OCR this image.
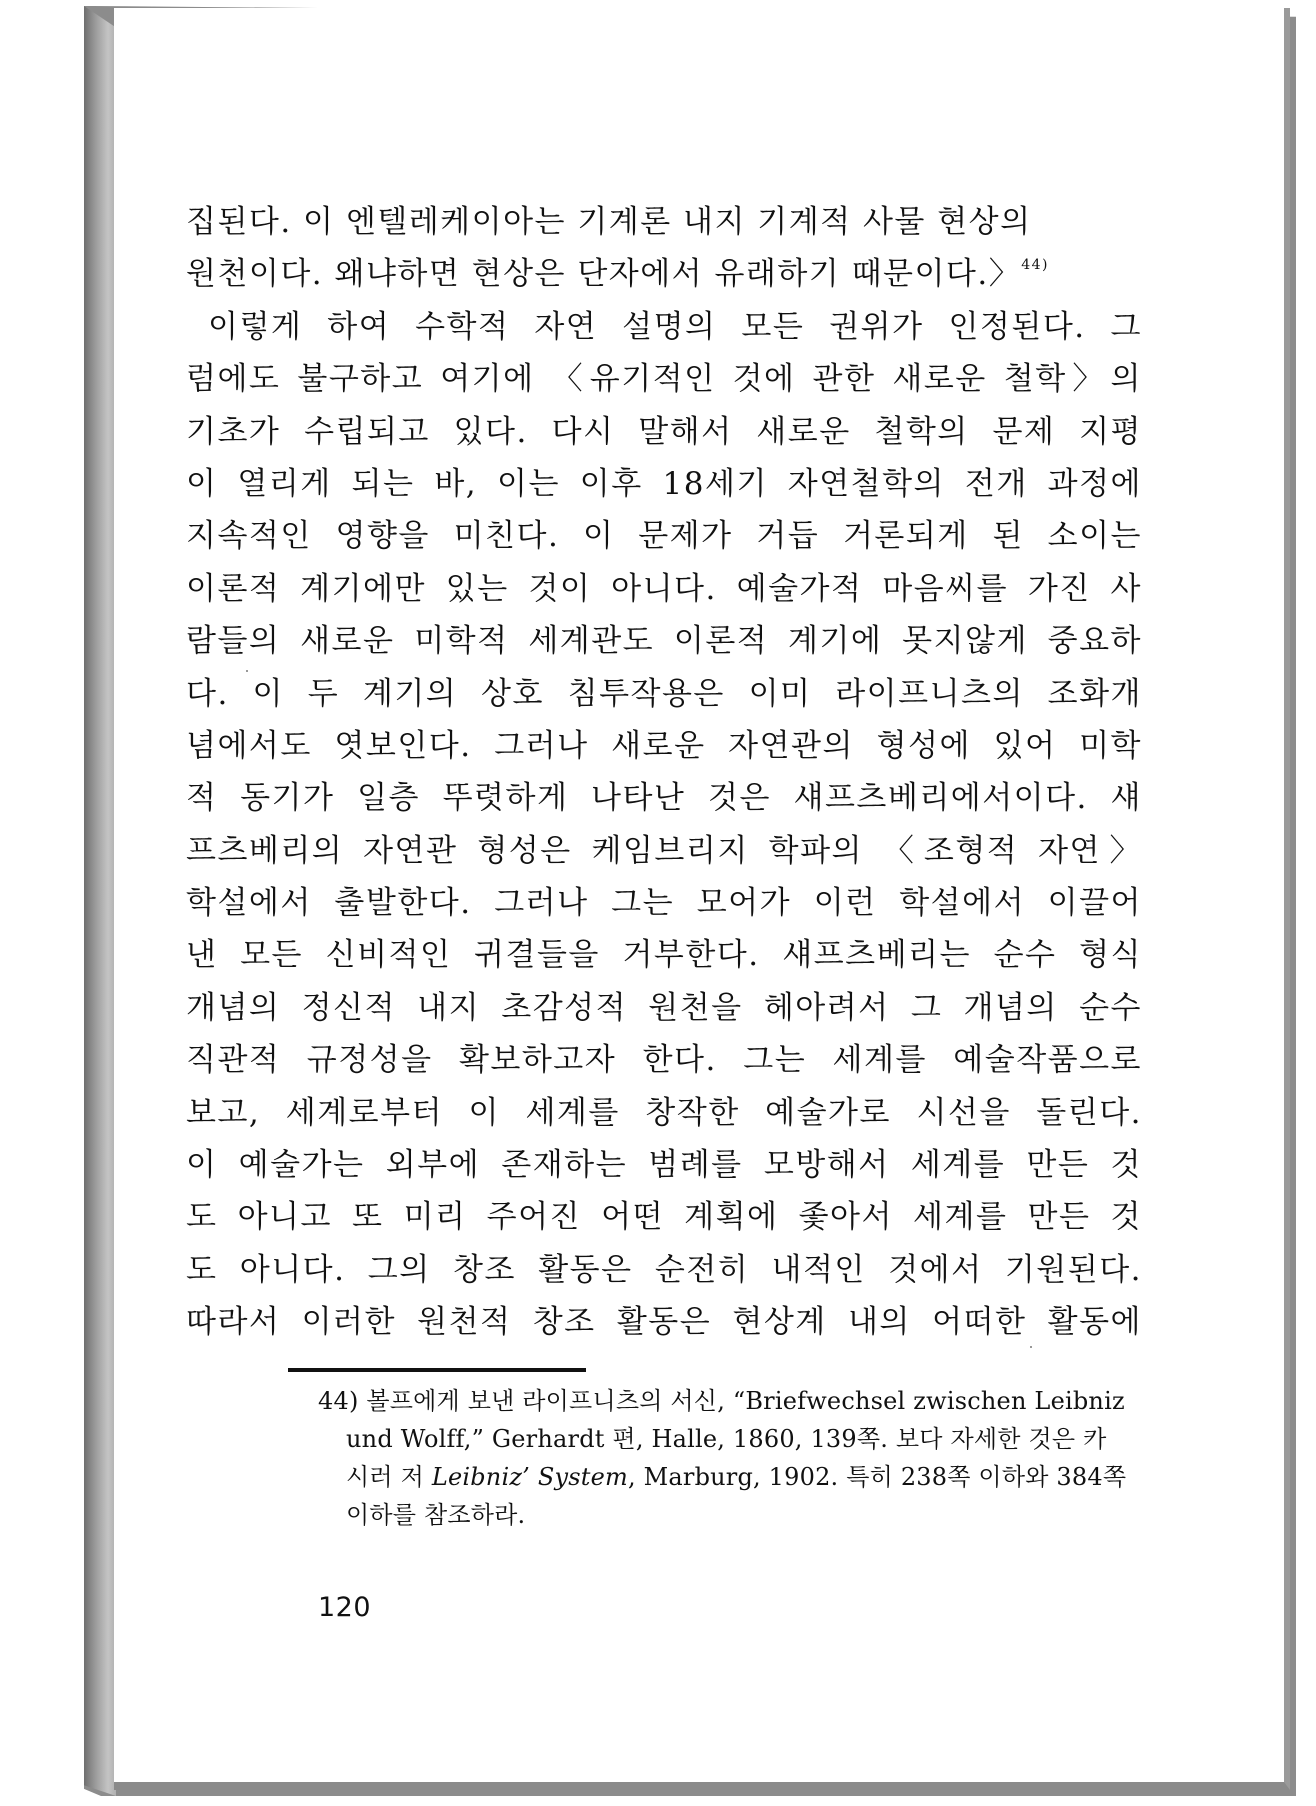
집된다. 이 엔텔레케이아는 기계론 내지 기계적 사물 현상의
원천이다. 왜냐하면 현상은 단자에서 유래하기 때문이다.〉$^{44)}$
이렇게 하여 수학적 자연 설명의 모든 권위가 인정된다. 그
럼에도 불구하고 여기에 〈유기적인 것에 관한 새로운 철학〉의
기초가 수립되고 있다. 다시 말해서 새로운 철학의 문제 지평
이 열리게 되는 바, 이는 이후 18세기 자연철학의 전개 과정에
지속적인 영향을 미친다. 이 문제가 거듭 거론되게 된 소이는
이론적 계기에만 있는 것이 아니다. 예술가적 마음씨를 가진 사
람들의 새로운 미학적 세계관도 이론적 계기에 못지않게 중요하
다. 이 두 계기의 상호 침투작용은 이미 라이프니츠의 조화개
념에서도 엿보인다. 그러나 새로운 자연관의 형성에 있어 미학
적 동기가 일층 뚜렷하게 나타난 것은 섀프츠베리에서이다. 섀
프츠베리의 자연관 형성은 케임브리지 학파의 〈조형적 자연〉
학설에서 출발한다. 그러나 그는 모어가 이런 학설에서 이끌어
낸 모든 신비적인 귀결들을 거부한다. 섀프츠베리는 순수 형식
개념의 정신적 내지 초감성적 원천을 헤아려서 그 개념의 순수
직관적 규정성을 확보하고자 한다. 그는 세계를 예술작품으로
보고, 세계로부터 이 세계를 창작한 예술가로 시선을 돌린다.
이 예술가는 외부에 존재하는 범례를 모방해서 세계를 만든 것
도 아니고 또 미리 주어진 어떤 계획에 좇아서 세계를 만든 것
도 아니다. 그의 창조 활동은 순전히 내적인 것에서 기원된다.
따라서 이러한 원천적 창조 활동은 현상계 내의 어떠한 활동에
44) 볼프에게 보낸 라이프니츠의 서신, “Briefwechsel zwischen Leibniz
und Wolff,” Gerhardt 편, Halle, 1860, 139쪽. 보다 자세한 것은 카
시러 저 Leibniz’ System, Marburg, 1902. 특히 238쪽 이하와 384쪽
이하를 참조하라.
120
